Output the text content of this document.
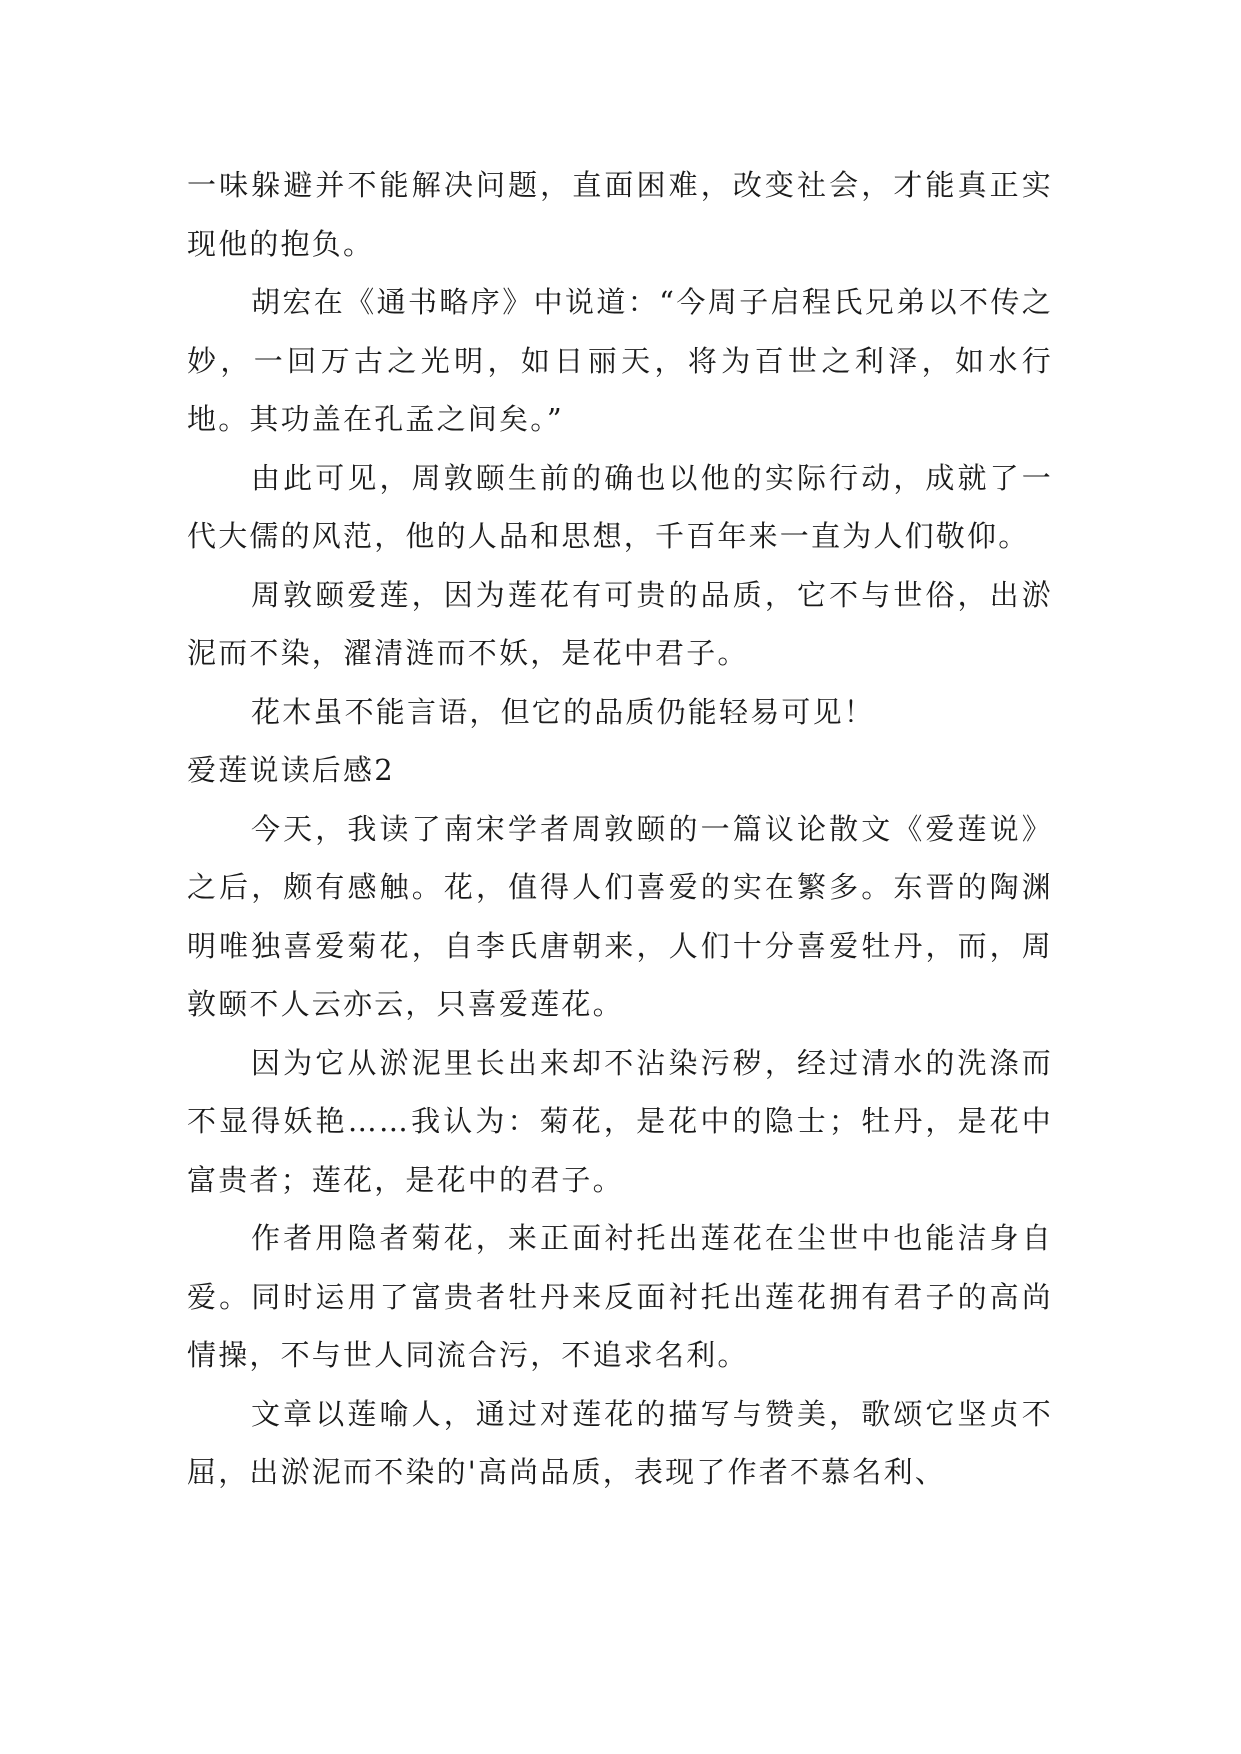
一味躲避并不能解决问题，直面困难，改变社会，才能真正实现他的抱负。

胡宏在《通书略序》中说道：“今周子启程氏兄弟以不传之妙，一回万古之光明，如日丽天，将为百世之利泽，如水行地。其功盖在孔孟之间矣。”

由此可见，周敦颐生前的确也以他的实际行动，成就了一代大儒的风范，他的人品和思想，千百年来一直为人们敬仰。

周敦颐爱莲，因为莲花有可贵的品质，它不与世俗，出淤泥而不染，濯清涟而不妖，是花中君子。

花木虽不能言语，但它的品质仍能轻易可见！

爱莲说读后感2

今天，我读了南宋学者周敦颐的一篇议论散文《爱莲说》之后，颇有感触。花，值得人们喜爱的实在繁多。东晋的陶渊明唯独喜爱菊花，自李氏唐朝来，人们十分喜爱牡丹，而，周敦颐不人云亦云，只喜爱莲花。

因为它从淤泥里长出来却不沾染污秽，经过清水的洗涤而不显得妖艳……我认为：菊花，是花中的隐士；牡丹，是花中富贵者；莲花，是花中的君子。

作者用隐者菊花，来正面衬托出莲花在尘世中也能洁身自爱。同时运用了富贵者牡丹来反面衬托出莲花拥有君子的高尚情操，不与世人同流合污，不追求名利。

文章以莲喻人，通过对莲花的描写与赞美，歌颂它坚贞不屈，出淤泥而不染的'高尚品质，表现了作者不慕名利、
